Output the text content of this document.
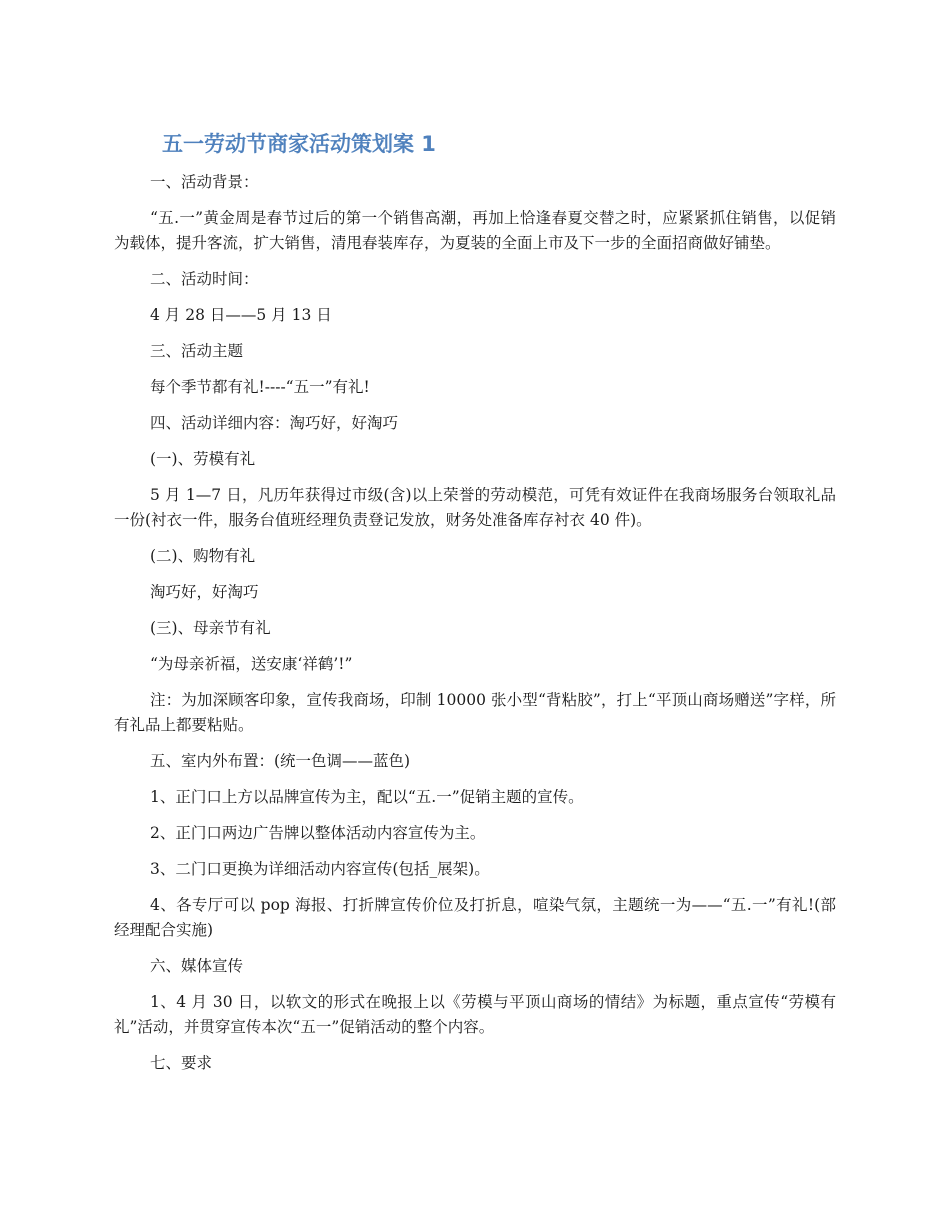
五一劳动节商家活动策划案 1

一、活动背景：

“五.一”黄金周是春节过后的第一个销售高潮，再加上恰逢春夏交替之时，应紧紧抓住销售，以促销为载体，提升客流，扩大销售，清甩春装库存，为夏装的全面上市及下一步的全面招商做好铺垫。

二、活动时间：

4 月 28 日——5 月 13 日

三、活动主题

每个季节都有礼!----“五一”有礼!

四、活动详细内容：淘巧好，好淘巧

(一)、劳模有礼

5 月 1—7 日，凡历年获得过市级(含)以上荣誉的劳动模范，可凭有效证件在我商场服务台领取礼品一份(衬衣一件，服务台值班经理负责登记发放，财务处准备库存衬衣 40 件)。

(二)、购物有礼

淘巧好，好淘巧

(三)、母亲节有礼

“为母亲祈福，送安康‘祥鹤’!”

注：为加深顾客印象，宣传我商场，印制 10000 张小型“背粘胶”，打上“平顶山商场赠送”字样，所有礼品上都要粘贴。

五、室内外布置：(统一色调——蓝色)

1、正门口上方以品牌宣传为主，配以“五.一”促销主题的宣传。

2、正门口两边广告牌以整体活动内容宣传为主。

3、二门口更换为详细活动内容宣传(包括_展架)。

4、各专厅可以 pop 海报、打折牌宣传价位及打折息，喧染气氛，主题统一为——“五.一”有礼!(部经理配合实施)

六、媒体宣传

1、4 月 30 日，以软文的形式在晚报上以《劳模与平顶山商场的情结》为标题，重点宣传“劳模有礼”活动，并贯穿宣传本次“五一”促销活动的整个内容。

七、要求
